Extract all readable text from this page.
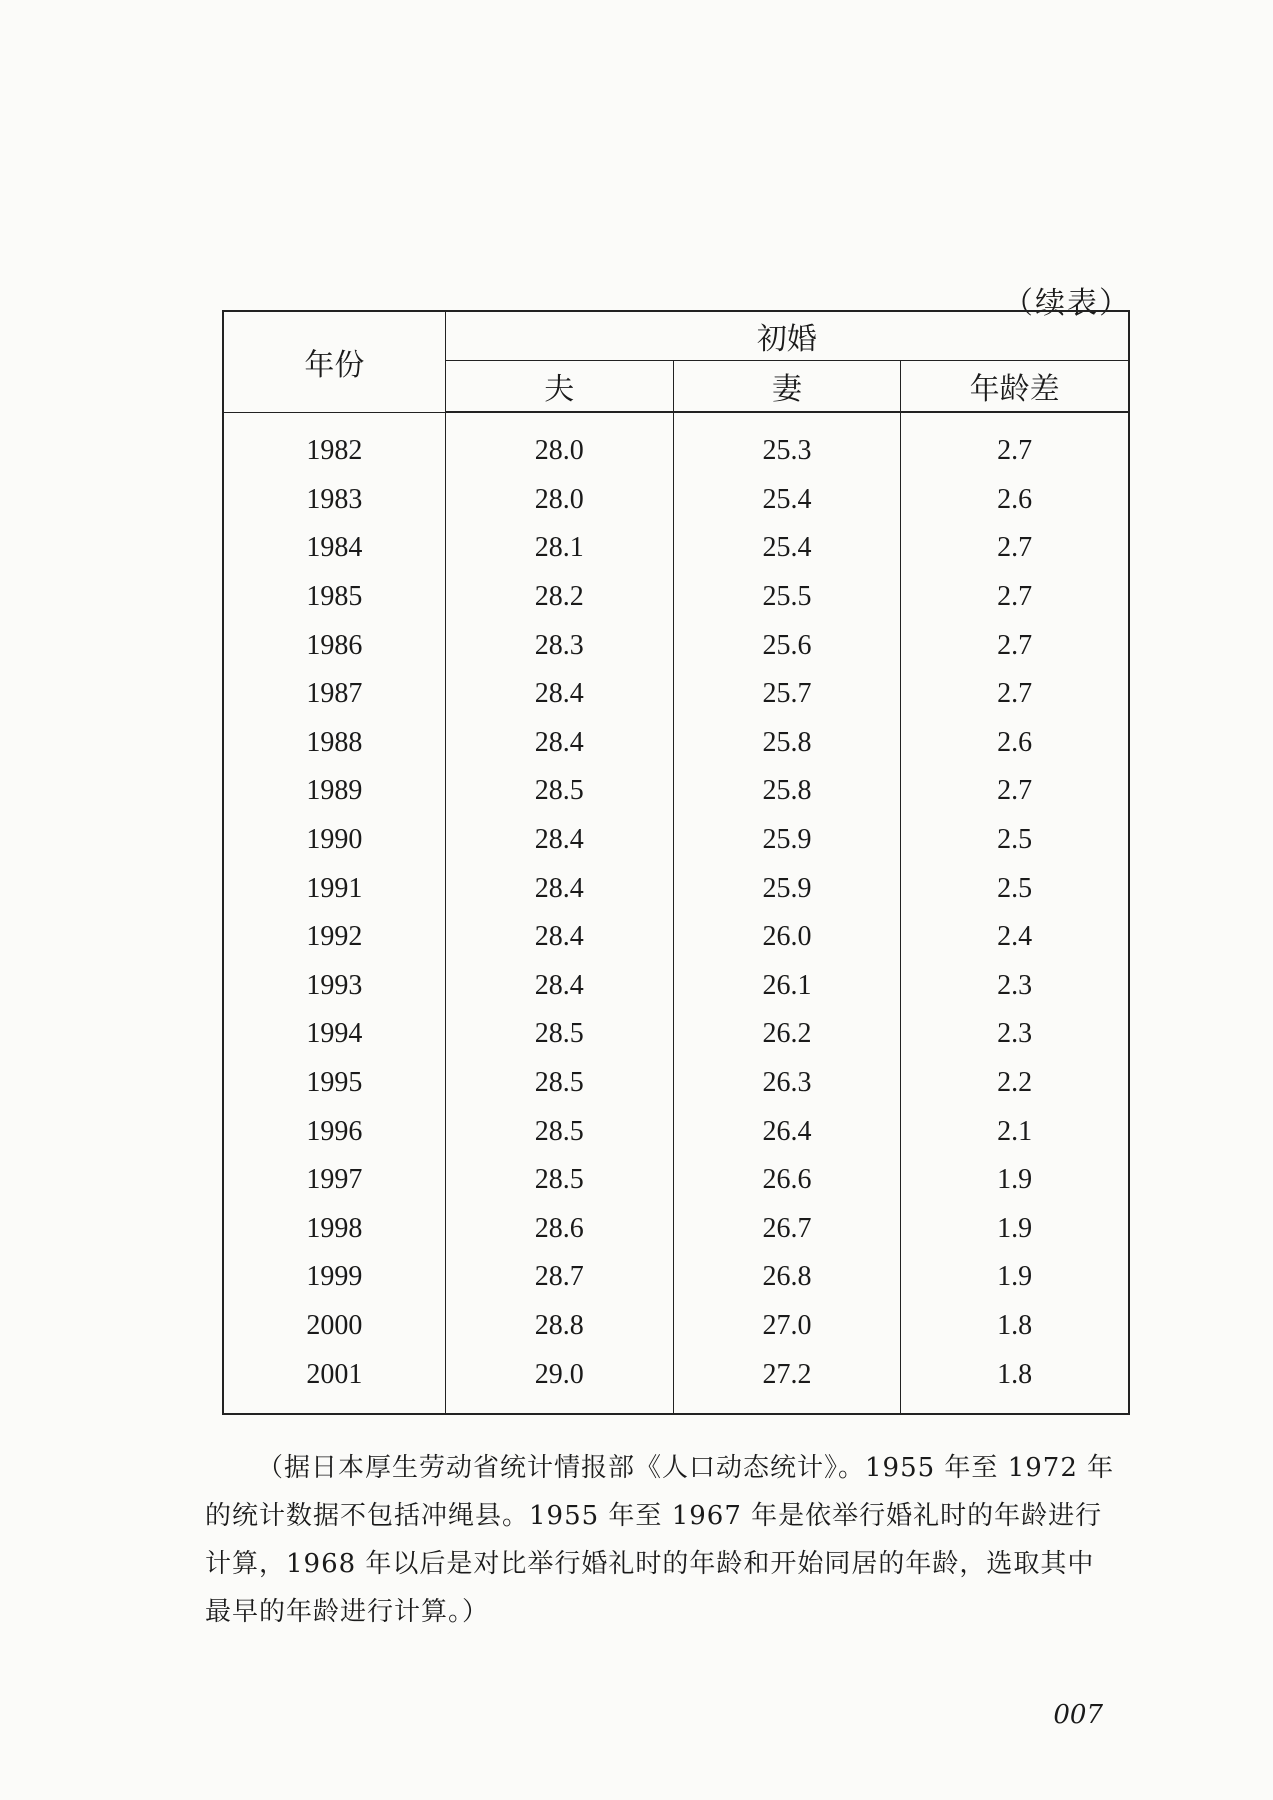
（续表）
年份	初婚		
	夫	妻	年龄差
1982	28.0	25.3	2.7
1983	28.0	25.4	2.6
1984	28.1	25.4	2.7
1985	28.2	25.5	2.7
1986	28.3	25.6	2.7
1987	28.4	25.7	2.7
1988	28.4	25.8	2.6
1989	28.5	25.8	2.7
1990	28.4	25.9	2.5
1991	28.4	25.9	2.5
1992	28.4	26.0	2.4
1993	28.4	26.1	2.3
1994	28.5	26.2	2.3
1995	28.5	26.3	2.2
1996	28.5	26.4	2.1
1997	28.5	26.6	1.9
1998	28.6	26.7	1.9
1999	28.7	26.8	1.9
2000	28.8	27.0	1.8
2001	29.0	27.2	1.8

（据日本厚生劳动省统计情报部《人口动态统计》。1955 年至 1972 年的统计数据不包括冲绳县。1955 年至 1967 年是依举行婚礼时的年龄进行计算，1968 年以后是对比举行婚礼时的年龄和开始同居的年龄，选取其中最早的年龄进行计算。）

007
